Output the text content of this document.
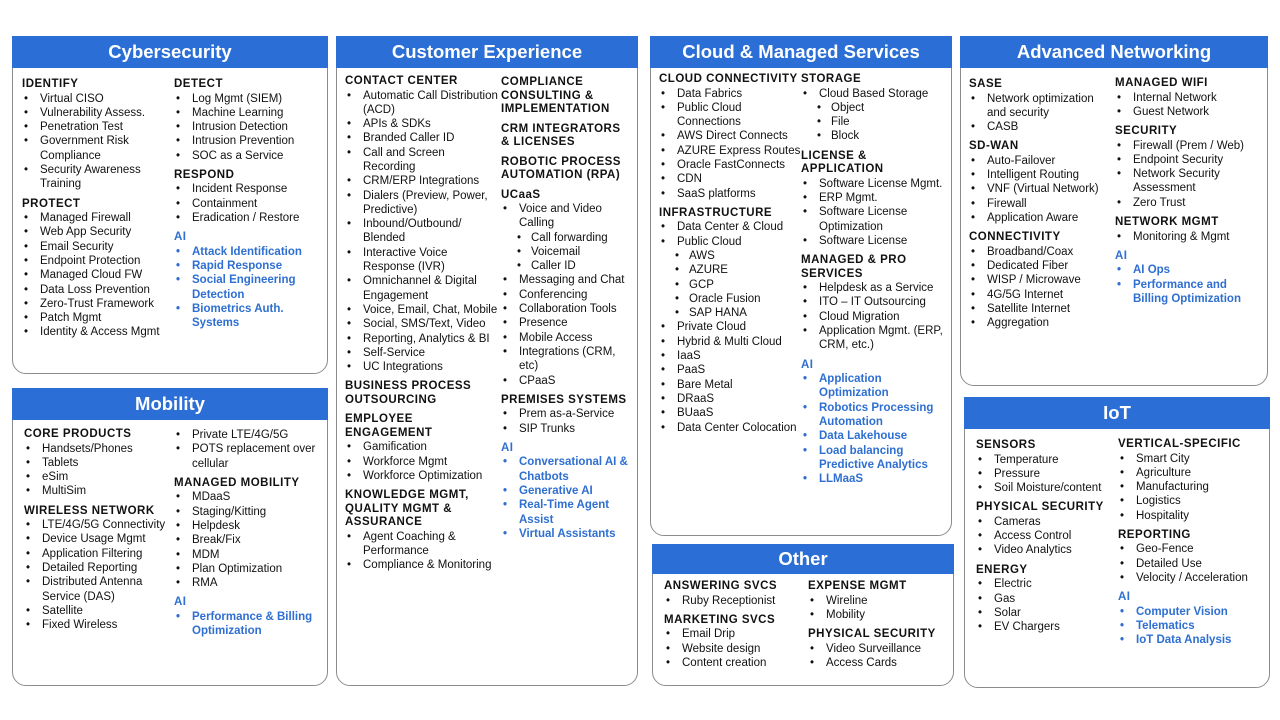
Cybersecurity
IDENTIFY
• Virtual CISO
• Vulnerability Assess.
• Penetration Test
• Government Risk Compliance
• Security Awareness Training
PROTECT
• Managed Firewall
• Web App Security
• Email Security
• Endpoint Protection
• Managed Cloud FW
• Data Loss Prevention
• Zero-Trust Framework
• Patch Mgmt
• Identity & Access Mgmt
DETECT
• Log Mgmt (SIEM)
• Machine Learning
• Intrusion Detection
• Intrusion Prevention
• SOC as a Service
RESPOND
• Incident Response
• Containment
• Eradication / Restore
AI
• Attack Identification
• Rapid Response
• Social Engineering Detection
• Biometrics Auth. Systems
Mobility
CORE PRODUCTS
• Handsets/Phones
• Tablets
• eSim
• MultiSim
WIRELESS NETWORK
• LTE/4G/5G Connectivity
• Device Usage Mgmt
• Application Filtering
• Detailed Reporting
• Distributed Antenna Service (DAS)
• Satellite
• Fixed Wireless
• Private LTE/4G/5G
• POTS replacement over cellular
MANAGED MOBILITY
• MDaaS
• Staging/Kitting
• Helpdesk
• Break/Fix
• MDM
• Plan Optimization
• RMA
AI
• Performance & Billing Optimization
Customer Experience
CONTACT CENTER
• Automatic Call Distribution (ACD)
• APIs & SDKs
• Branded Caller ID
• Call and Screen Recording
• CRM/ERP Integrations
• Dialers (Preview, Power, Predictive)
• Inbound/Outbound/ Blended
• Interactive Voice Response (IVR)
• Omnichannel & Digital Engagement
• Voice, Email, Chat, Mobile
• Social, SMS/Text, Video
• Reporting, Analytics & BI
• Self-Service
• UC Integrations
BUSINESS PROCESS OUTSOURCING
EMPLOYEE ENGAGEMENT
• Gamification
• Workforce Mgmt
• Workforce Optimization
KNOWLEDGE MGMT, QUALITY MGMT & ASSURANCE
• Agent Coaching & Performance
• Compliance & Monitoring
COMPLIANCE CONSULTING & IMPLEMENTATION
CRM INTEGRATORS & LICENSES
ROBOTIC PROCESS AUTOMATION (RPA)
UCaaS
• Voice and Video Calling
• Call forwarding
• Voicemail
• Caller ID
• Messaging and Chat
• Conferencing
• Collaboration Tools
• Presence
• Mobile Access
• Integrations (CRM, etc)
• CPaaS
PREMISES SYSTEMS
• Prem as-a-Service
• SIP Trunks
AI
• Conversational AI & Chatbots
• Generative AI
• Real-Time Agent Assist
• Virtual Assistants
Cloud & Managed Services
CLOUD CONNECTIVITY
• Data Fabrics
• Public Cloud Connections
• AWS Direct Connects
• AZURE Express Routes
• Oracle FastConnects
• CDN
• SaaS platforms
INFRASTRUCTURE
• Data Center & Cloud
• Public Cloud
• AWS
• AZURE
• GCP
• Oracle Fusion
• SAP HANA
• Private Cloud
• Hybrid & Multi Cloud
• IaaS
• PaaS
• Bare Metal
• DRaaS
• BUaaS
• Data Center Colocation
STORAGE
• Cloud Based Storage
• Object
• File
• Block
LICENSE & APPLICATION
• Software License Mgmt.
• ERP Mgmt.
• Software License Optimization
• Software License
MANAGED & PRO SERVICES
• Helpdesk as a Service
• ITO – IT Outsourcing
• Cloud Migration
• Application Mgmt. (ERP, CRM, etc.)
AI
• Application Optimization
• Robotics Processing Automation
• Data Lakehouse
• Load balancing Predictive Analytics
• LLMaaS
Other
ANSWERING SVCS
• Ruby Receptionist
MARKETING SVCS
• Email Drip
• Website design
• Content creation
EXPENSE MGMT
• Wireline
• Mobility
PHYSICAL SECURITY
• Video Surveillance
• Access Cards
Advanced Networking
SASE
• Network optimization and security
• CASB
SD-WAN
• Auto-Failover
• Intelligent Routing
• VNF (Virtual Network)
• Firewall
• Application Aware
CONNECTIVITY
• Broadband/Coax
• Dedicated Fiber
• WISP / Microwave
• 4G/5G Internet
• Satellite Internet
• Aggregation
MANAGED WIFI
• Internal Network
• Guest Network
SECURITY
• Firewall (Prem / Web)
• Endpoint Security
• Network Security Assessment
• Zero Trust
NETWORK MGMT
• Monitoring & Mgmt
AI
• AI Ops
• Performance and Billing Optimization
IoT
SENSORS
• Temperature
• Pressure
• Soil Moisture/content
PHYSICAL SECURITY
• Cameras
• Access Control
• Video Analytics
ENERGY
• Electric
• Gas
• Solar
• EV Chargers
VERTICAL-SPECIFIC
• Smart City
• Agriculture
• Manufacturing
• Logistics
• Hospitality
REPORTING
• Geo-Fence
• Detailed Use
• Velocity / Acceleration
AI
• Computer Vision
• Telematics
• IoT Data Analysis
